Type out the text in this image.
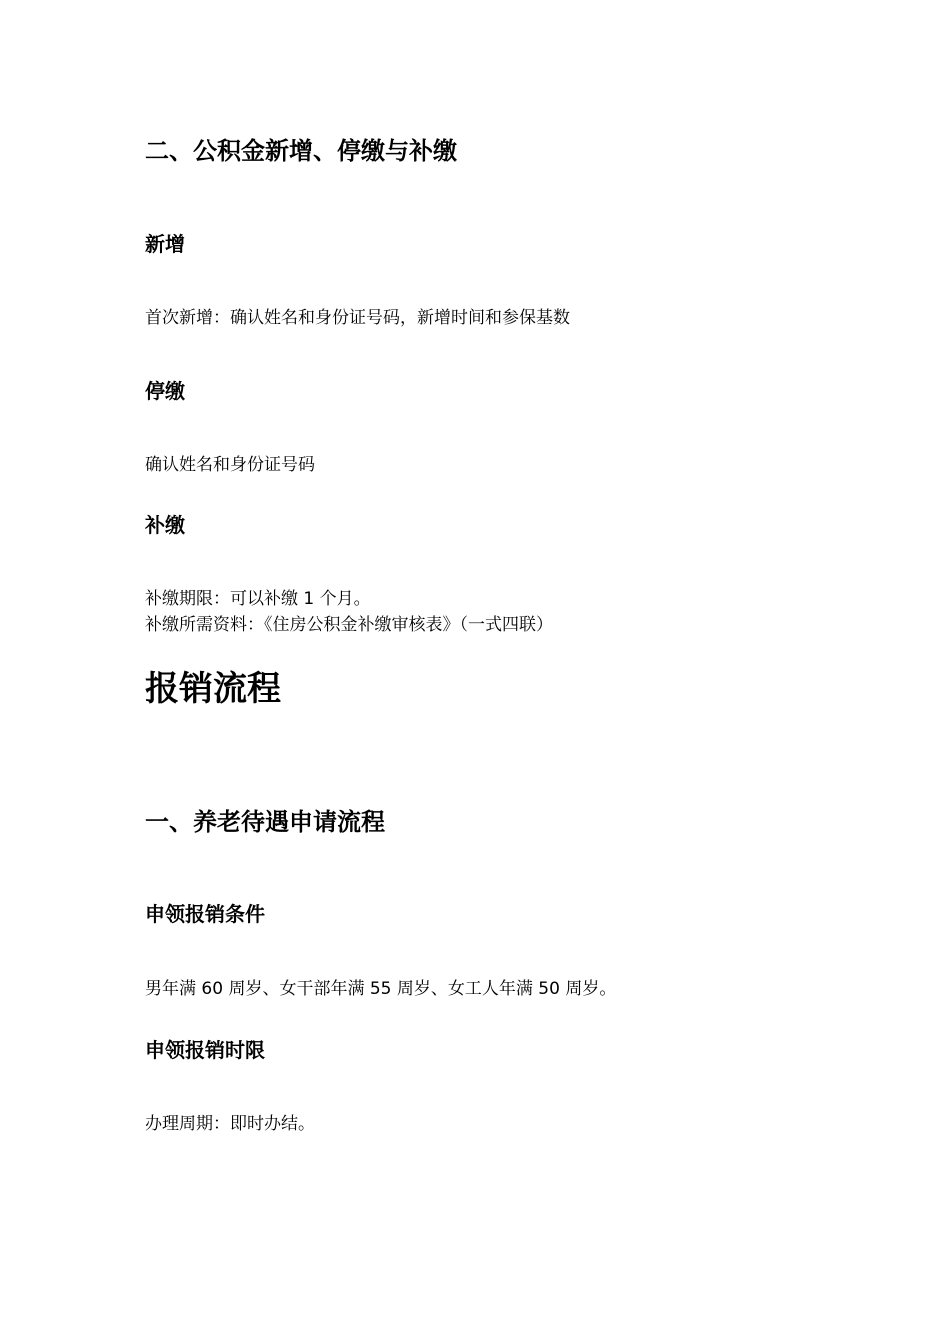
二、公积金新增、停缴与补缴
新增
首次新增：确认姓名和身份证号码，新增时间和参保基数
停缴
确认姓名和身份证号码
补缴
补缴期限：可以补缴 1 个月。
补缴所需资料：《住房公积金补缴审核表》（一式四联）
报销流程
一、养老待遇申请流程
申领报销条件
男年满 60 周岁、女干部年满 55 周岁、女工人年满 50 周岁。
申领报销时限
办理周期：即时办结。
